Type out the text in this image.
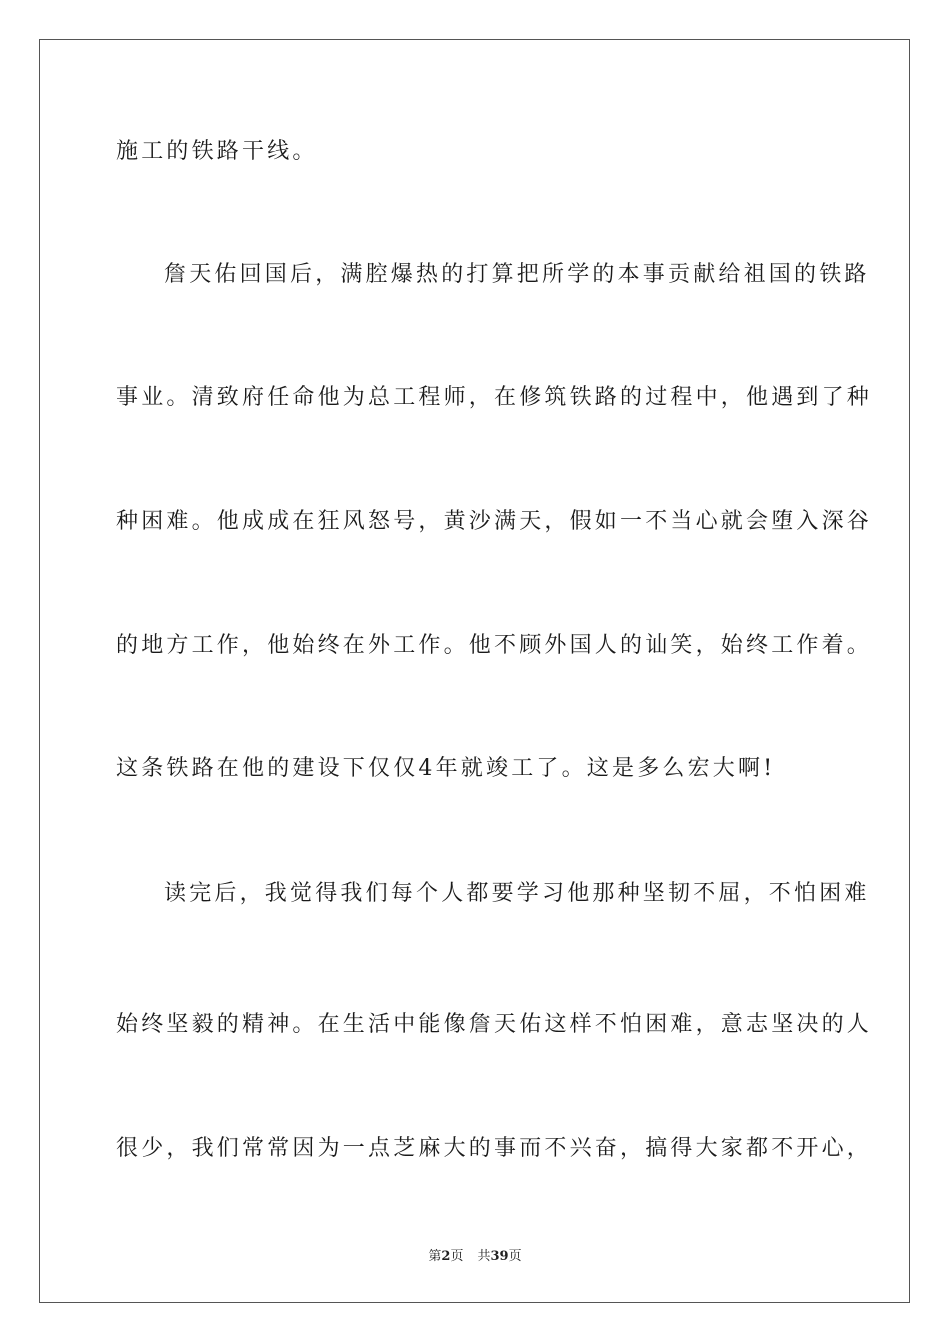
施工的铁路干线。
詹天佑回国后，满腔爆热的打算把所学的本事贡献给祖国的铁路
事业。清致府任命他为总工程师，在修筑铁路的过程中，他遇到了种
种困难。他成成在狂风怒号，黄沙满天，假如一不当心就会堕入深谷
的地方工作，他始终在外工作。他不顾外国人的讪笑，始终工作着。
这条铁路在他的建设下仅仅4年就竣工了。这是多么宏大啊!
读完后，我觉得我们每个人都要学习他那种坚韧不屈，不怕困难
始终坚毅的精神。在生活中能像詹天佑这样不怕困难，意志坚决的人
很少，我们常常因为一点芝麻大的事而不兴奋，搞得大家都不开心，
第2页 共39页
